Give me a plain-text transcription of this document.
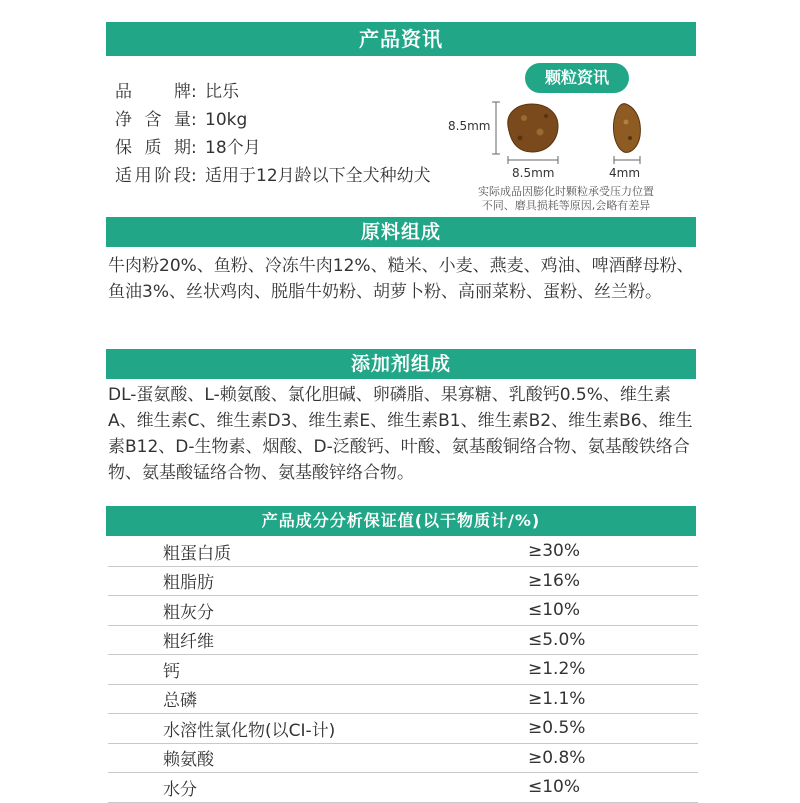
产品资讯
品　　牌: 比乐
净 含 量: 10kg
保 质 期: 18个月
适用阶段: 适用于12月龄以下全犬种幼犬
颗粒资讯
8.5mm
8.5mm	4mm
实际成品因膨化时颗粒承受压力位置
不同、磨具损耗等原因,会略有差异
原料组成
牛肉粉20%、鱼粉、冷冻牛肉12%、糙米、小麦、燕麦、鸡油、啤酒酵母粉、鱼油3%、丝状鸡肉、脱脂牛奶粉、胡萝卜粉、高丽菜粉、蛋粉、丝兰粉。
添加剂组成
DL-蛋氨酸、L-赖氨酸、氯化胆碱、卵磷脂、果寡糖、乳酸钙0.5%、维生素A、维生素C、维生素D3、维生素E、维生素B1、维生素B2、维生素B6、维生素B12、D-生物素、烟酸、D-泛酸钙、叶酸、氨基酸铜络合物、氨基酸铁络合物、氨基酸锰络合物、氨基酸锌络合物。
产品成分分析保证值(以干物质计/%)
粗蛋白质	≥30%
粗脂肪	≥16%
粗灰分	≤10%
粗纤维	≤5.0%
钙	≥1.2%
总磷	≥1.1%
水溶性氯化物(以CI-计)	≥0.5%
赖氨酸	≥0.8%
水分	≤10%
